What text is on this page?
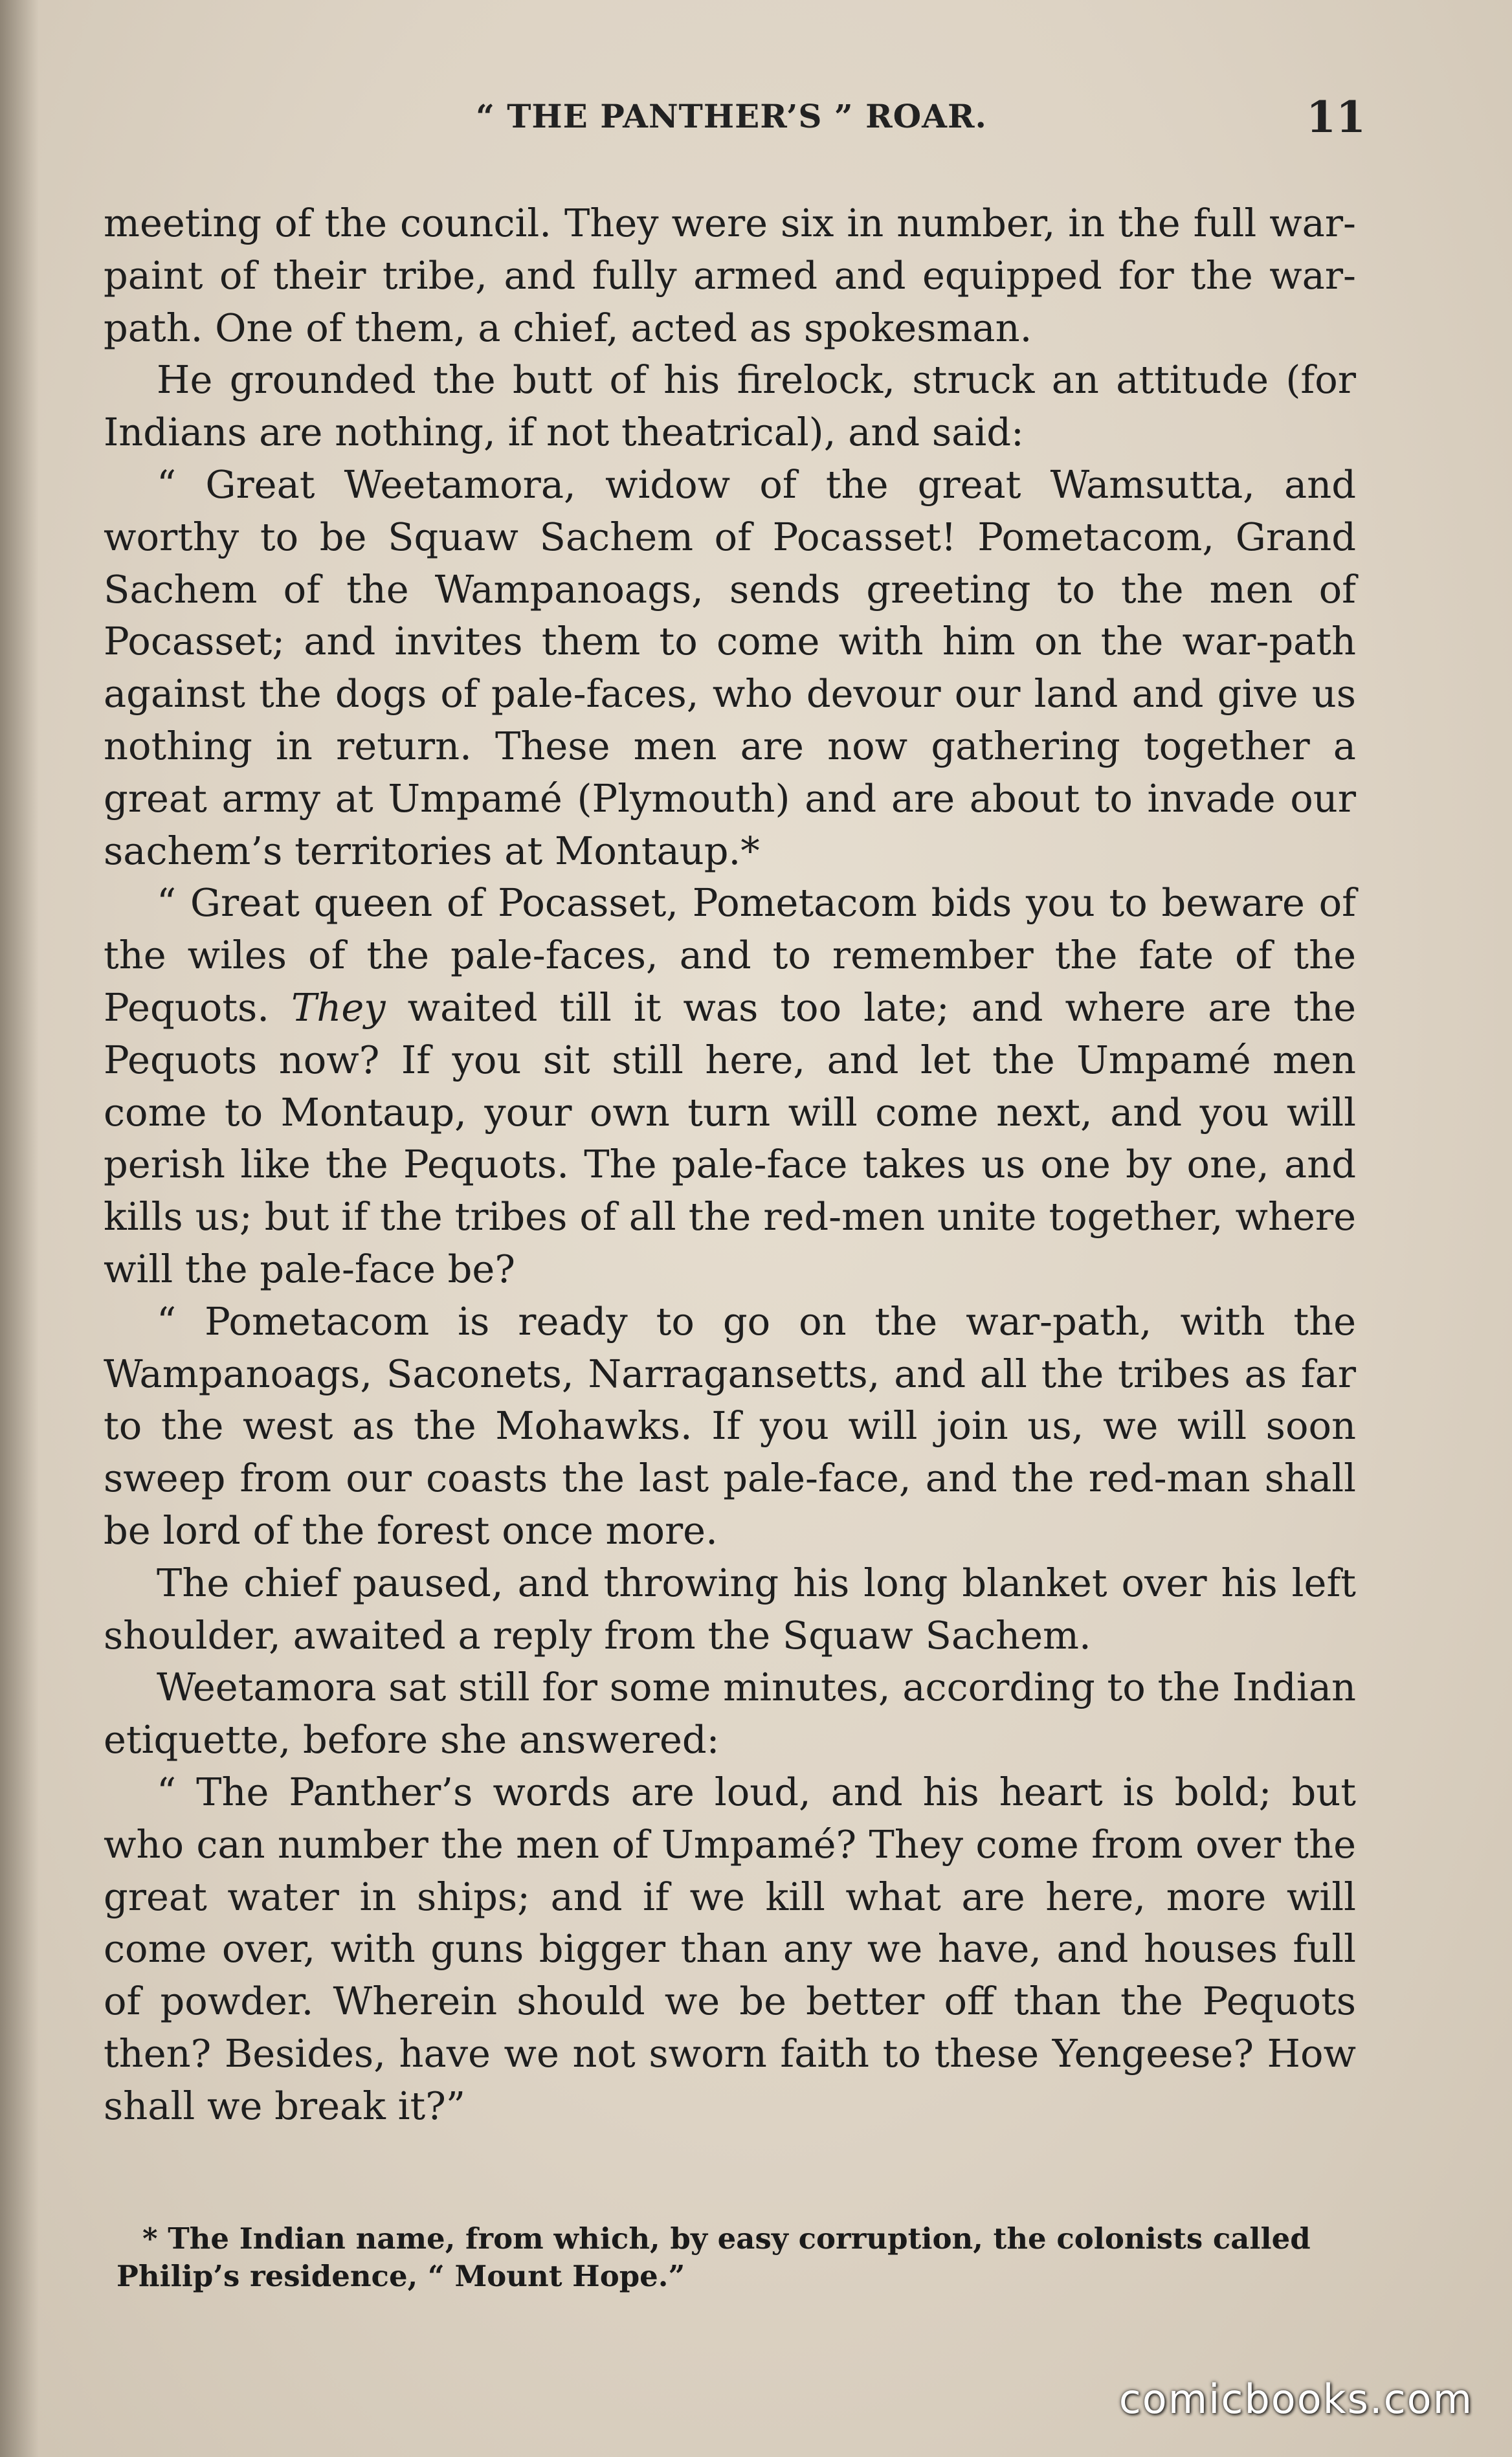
“ THE PANTHER’S ” ROAR.	11

meeting of the council. They were six in number, in the full war-paint of their tribe, and fully armed and equipped for the war-path. One of them, a chief, acted as spokesman.

He grounded the butt of his firelock, struck an attitude (for Indians are nothing, if not theatrical), and said:

“ Great Weetamora, widow of the great Wamsutta, and worthy to be Squaw Sachem of Pocasset! Pometacom, Grand Sachem of the Wampanoags, sends greeting to the men of Pocasset; and invites them to come with him on the war-path against the dogs of pale-faces, who devour our land and give us nothing in return. These men are now gathering together a great army at Umpamé (Plymouth) and are about to invade our sachem’s territories at Montaup.*

“ Great queen of Pocasset, Pometacom bids you to beware of the wiles of the pale-faces, and to remember the fate of the Pequots. They waited till it was too late; and where are the Pequots now? If you sit still here, and let the Umpamé men come to Montaup, your own turn will come next, and you will perish like the Pequots. The pale-face takes us one by one, and kills us; but if the tribes of all the red-men unite together, where will the pale-face be?

“ Pometacom is ready to go on the war-path, with the Wampanoags, Saconets, Narragansetts, and all the tribes as far to the west as the Mohawks. If you will join us, we will soon sweep from our coasts the last pale-face, and the red-man shall be lord of the forest once more.

The chief paused, and throwing his long blanket over his left shoulder, awaited a reply from the Squaw Sachem.

Weetamora sat still for some minutes, according to the Indian etiquette, before she answered:

“ The Panther’s words are loud, and his heart is bold; but who can number the men of Umpamé? They come from over the great water in ships; and if we kill what are here, more will come over, with guns bigger than any we have, and houses full of powder. Wherein should we be better off than the Pequots then? Besides, have we not sworn faith to these Yengeese? How shall we break it?”

* The Indian name, from which, by easy corruption, the colonists called Philip’s residence, “ Mount Hope.”
comicbooks.com
